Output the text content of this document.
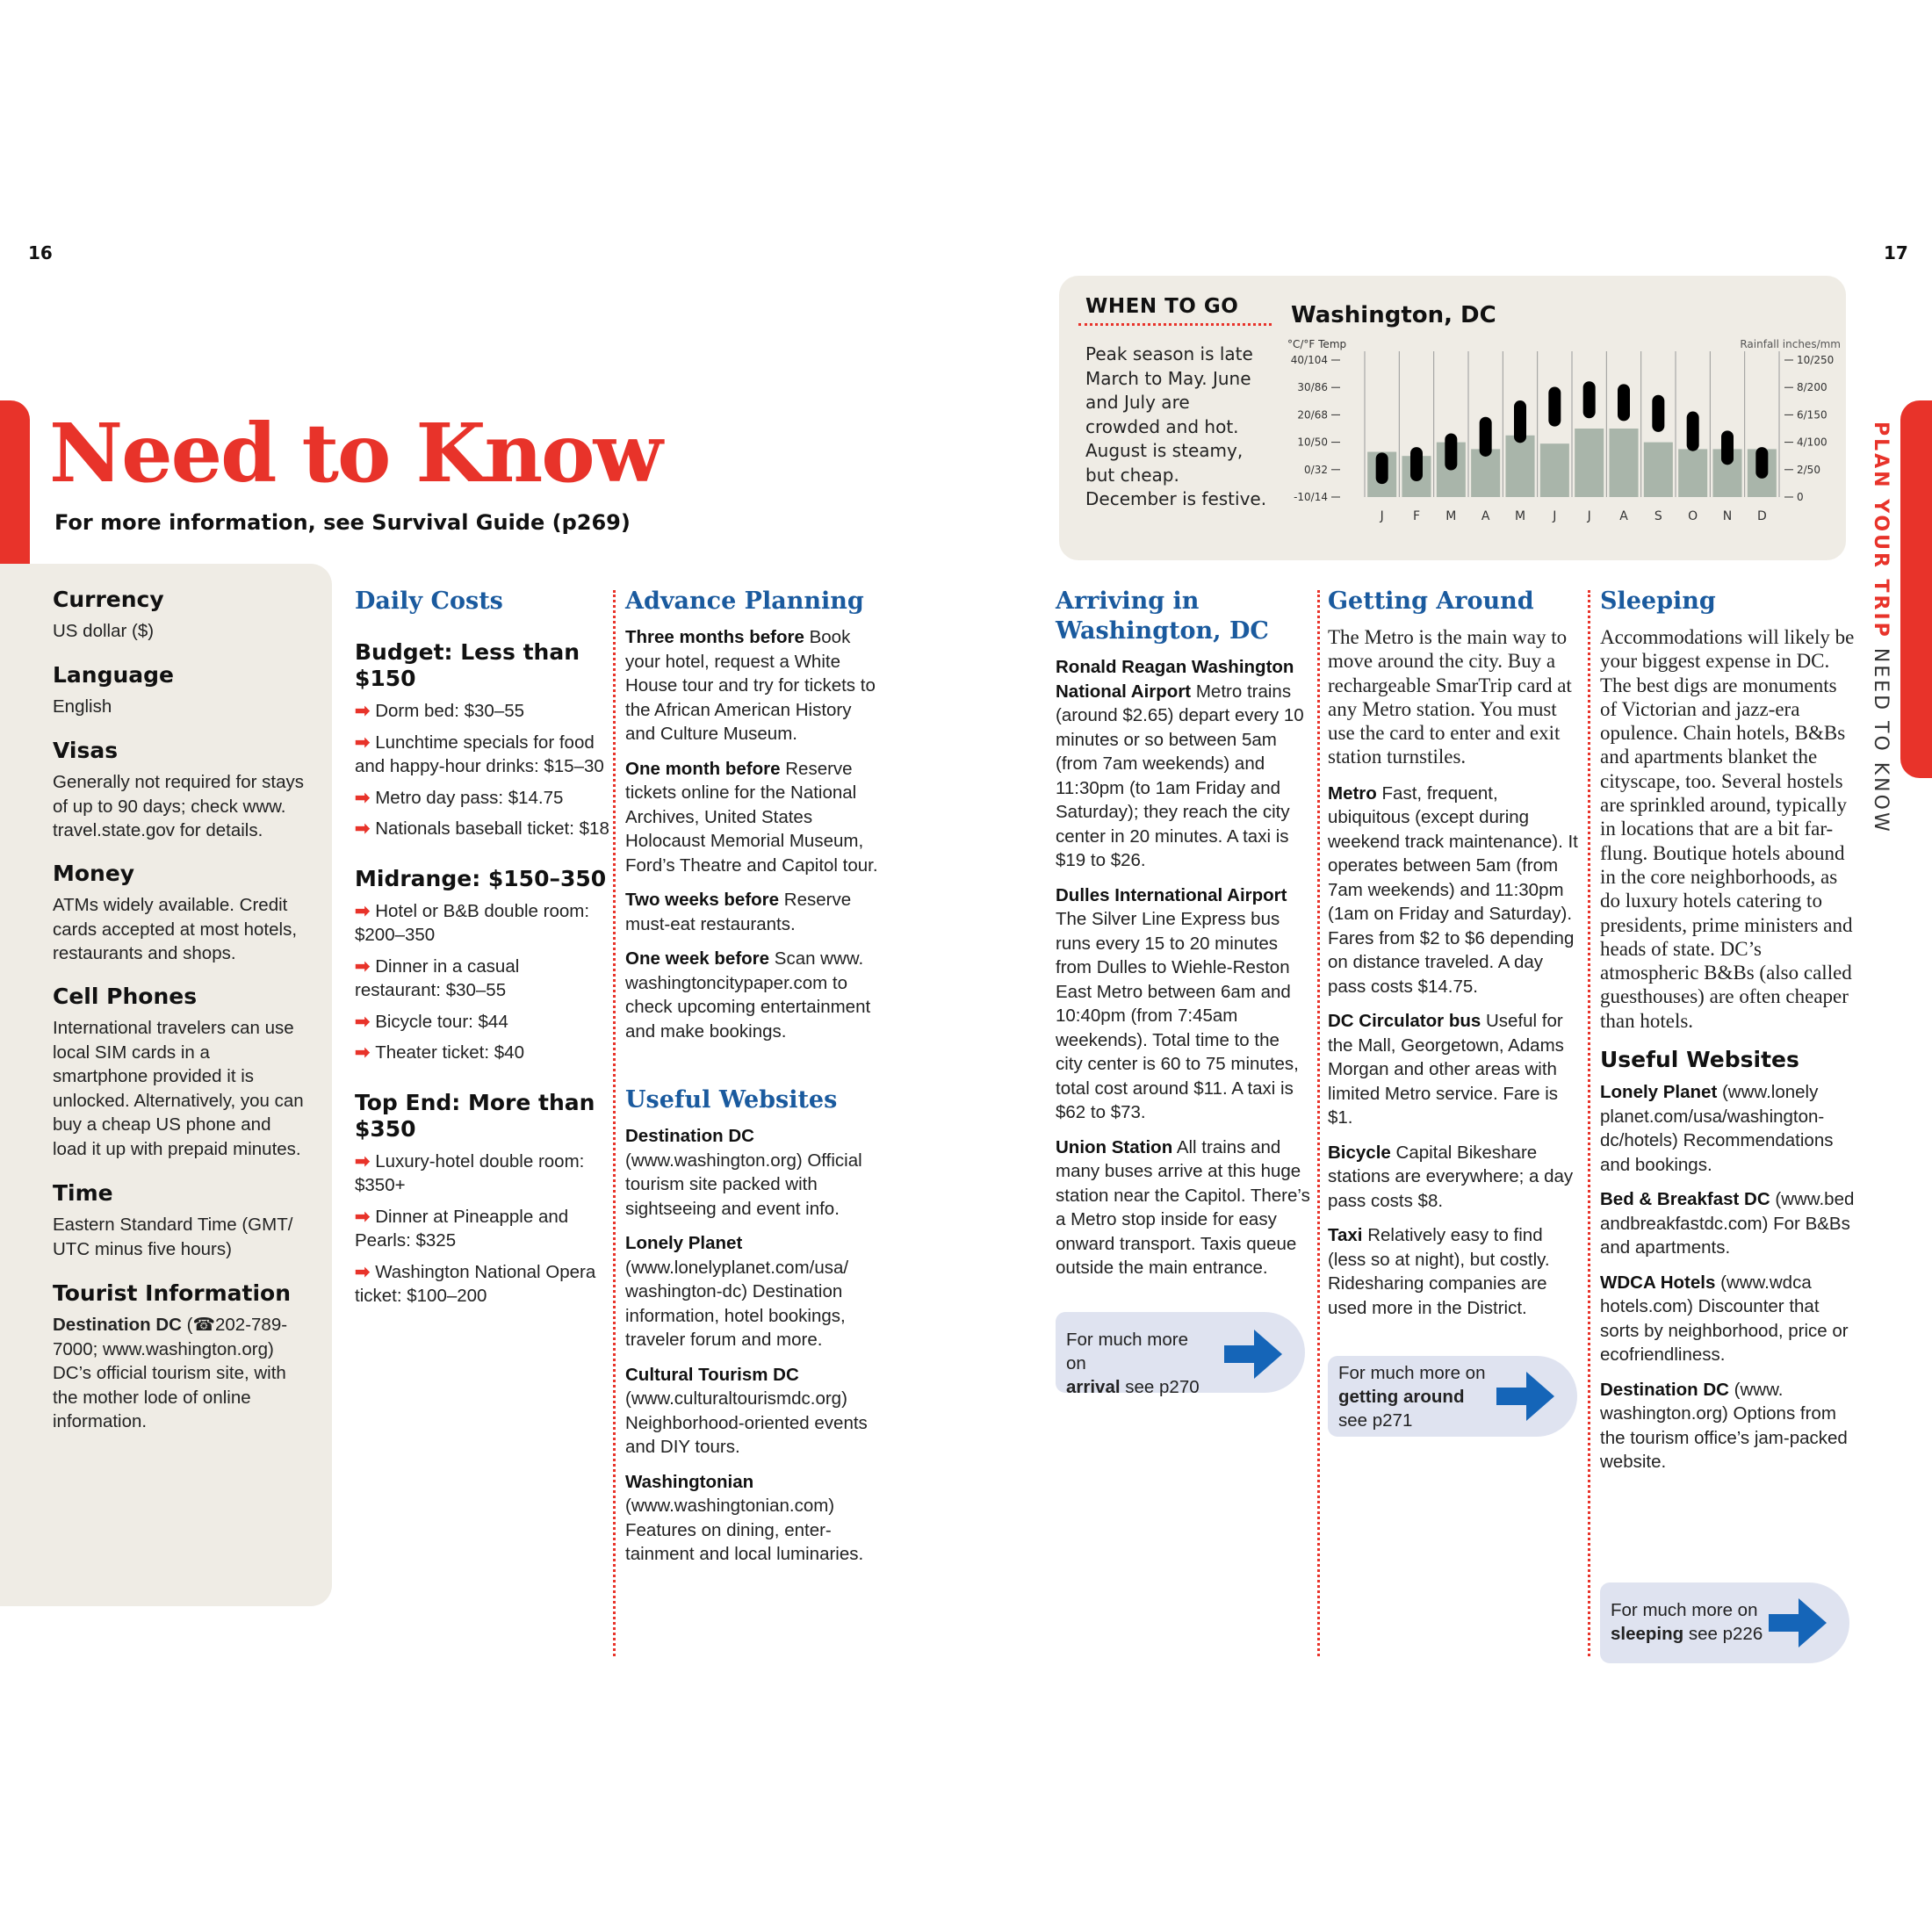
16	17
PLAN YOUR TRIP NEED TO KNOW
Need to Know
For more information, see Survival Guide (p269)
Currency
US dollar ($)
Language
English
Visas
Generally not required for stays of up to 90 days; check www. travel.state.gov for details.
Money
ATMs widely available. Credit cards accepted at most hotels, restaurants and shops.
Cell Phones
International travelers can use local SIM cards in a smartphone provided it is unlocked. Alternatively, you can buy a cheap US phone and load it up with prepaid minutes.
Time
Eastern Standard Time (GMT/ UTC minus five hours)
Tourist Information
Destination DC (☎202-789-7000; www.washington.org) DC’s official tourism site, with the mother lode of online information.
Daily Costs
Budget: Less than $150
➡ Dorm bed: $30–55
➡ Lunchtime specials for food and happy-hour drinks: $15–30
➡ Metro day pass: $14.75
➡ Nationals baseball ticket: $18
Midrange: $150–350
➡ Hotel or B&B double room: $200–350
➡ Dinner in a casual restaurant: $30–55
➡ Bicycle tour: $44
➡ Theater ticket: $40
Top End: More than $350
➡ Luxury-hotel double room: $350+
➡ Dinner at Pineapple and Pearls: $325
➡ Washington National Opera ticket: $100–200
Advance Planning
Three months before Book your hotel, request a White House tour and try for tickets to the African American History and Culture Museum.
One month before Reserve tickets online for the National Archives, United States Holocaust Memorial Museum, Ford’s Theatre and Capitol tour.
Two weeks before Reserve must-eat restaurants.
One week before Scan www. washingtoncitypaper.com to check upcoming entertainment and make bookings.
Useful Websites
Destination DC (www.washington.org) Official tourism site packed with sightseeing and event info.
Lonely Planet (www.lonelyplanet.com/usa/ washington-dc) Destination information, hotel bookings, traveler forum and more.
Cultural Tourism DC (www.culturaltourismdc.org) Neighborhood-oriented events and DIY tours.
Washingtonian (www.washingtonian.com) Features on dining, enter-tainment and local luminaries.
WHEN TO GO
Peak season is late March to May. June and July are crowded and hot. August is steamy, but cheap. December is festive.
Washington, DC
°C/°F Temp	Rainfall inches/mm
40/104
30/86
20/68
10/50
0/32
-10/14
10/250
8/200
6/150
4/100
2/50
0
J F M A M J	J A S O N D
Arriving in Washington, DC
Ronald Reagan Washington National Airport Metro trains (around $2.65) depart every 10 minutes or so between 5am (from 7am weekends) and 11:30pm (to 1am Friday and Saturday); they reach the city center in 20 minutes. A taxi is $19 to $26.
Dulles International Airport The Silver Line Express bus runs every 15 to 20 minutes from Dulles to Wiehle-Reston East Metro between 6am and 10:40pm (from 7:45am weekends). Total time to the city center is 60 to 75 minutes, total cost around $11. A taxi is $62 to $73.
Union Station All trains and many buses arrive at this huge station near the Capitol. There’s a Metro stop inside for easy onward transport. Taxis queue outside the main entrance.
For much more on
arrival see p270
Getting Around
The Metro is the main way to move around the city. Buy a rechargeable SmarTrip card at any Metro station. You must use the card to enter and exit station turnstiles.
Metro Fast, frequent, ubiquitous (except during weekend track maintenance). It operates between 5am (from 7am weekends) and 11:30pm (1am on Friday and Saturday). Fares from $2 to $6 depending on distance traveled. A day pass costs $14.75.
DC Circulator bus Useful for the Mall, Georgetown, Adams Morgan and other areas with limited Metro service. Fare is $1.
Bicycle Capital Bikeshare stations are everywhere; a day pass costs $8.
Taxi Relatively easy to find (less so at night), but costly. Ridesharing companies are used more in the District.
For much more on
getting around see p271
Sleeping
Accommodations will likely be your biggest expense in DC. The best digs are monuments of Victorian and jazz-era opulence. Chain hotels, B&Bs and apartments blanket the cityscape, too. Several hostels are sprinkled around, typically in locations that are a bit far-flung. Boutique hotels abound in the core neighborhoods, as do luxury hotels catering to presidents, prime ministers and heads of state. DC’s atmospheric B&Bs (also called guesthouses) are often cheaper than hotels.
Useful Websites
Lonely Planet (www.lonely planet.com/usa/washington-dc/hotels) Recommendations and bookings.
Bed & Breakfast DC (www.bed andbreakfastdc.com) For B&Bs and apartments.
WDCA Hotels (www.wdca hotels.com) Discounter that sorts by neighborhood, price or ecofriendliness.
Destination DC (www. washington.org) Options from the tourism office’s jam-packed website.
For much more on
sleeping see p226
